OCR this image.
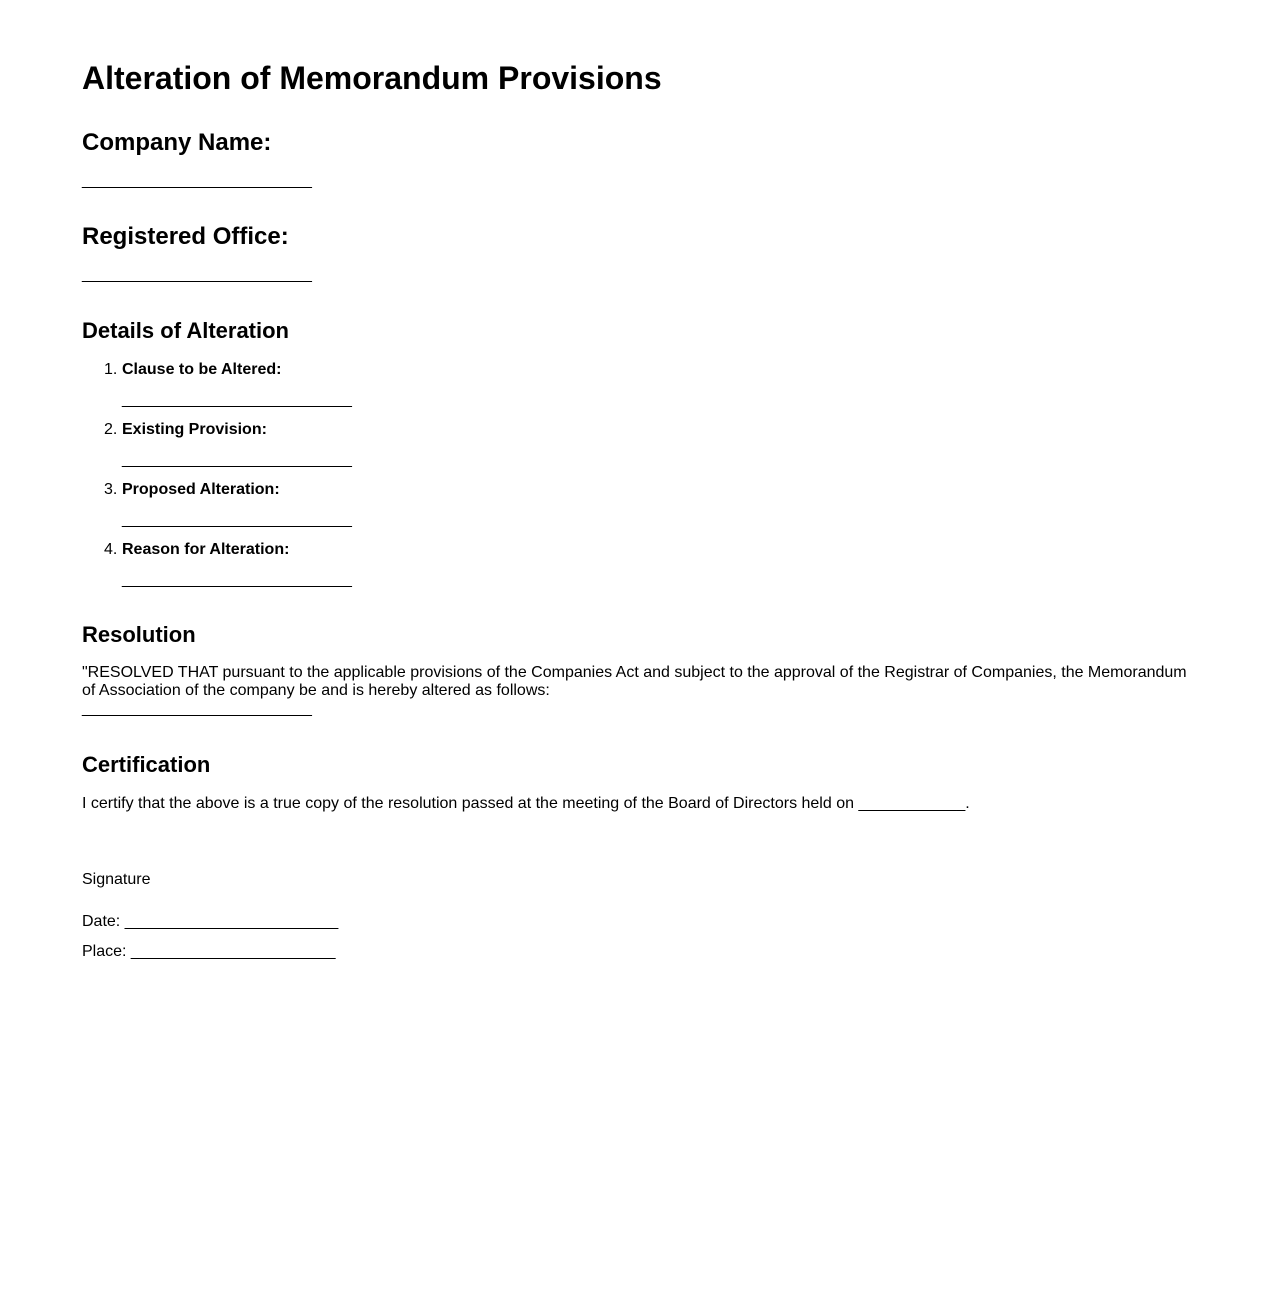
Alteration of Memorandum Provisions
Company Name:
___________________________
Registered Office:
___________________________
Details of Alteration
1. Clause to be Altered:
___________________________
2. Existing Provision:
___________________________
3. Proposed Alteration:
___________________________
4. Reason for Alteration:
___________________________
Resolution

"RESOLVED THAT pursuant to the applicable provisions of the Companies Act and subject to the approval of the Registrar of Companies, the Memorandum of Association of the company be and is hereby altered as follows:

___________________________
Certification

I certify that the above is a true copy of the resolution passed at the meeting of the Board of Directors held on ____________.

Signature

Date: ________________________

Place: _______________________
